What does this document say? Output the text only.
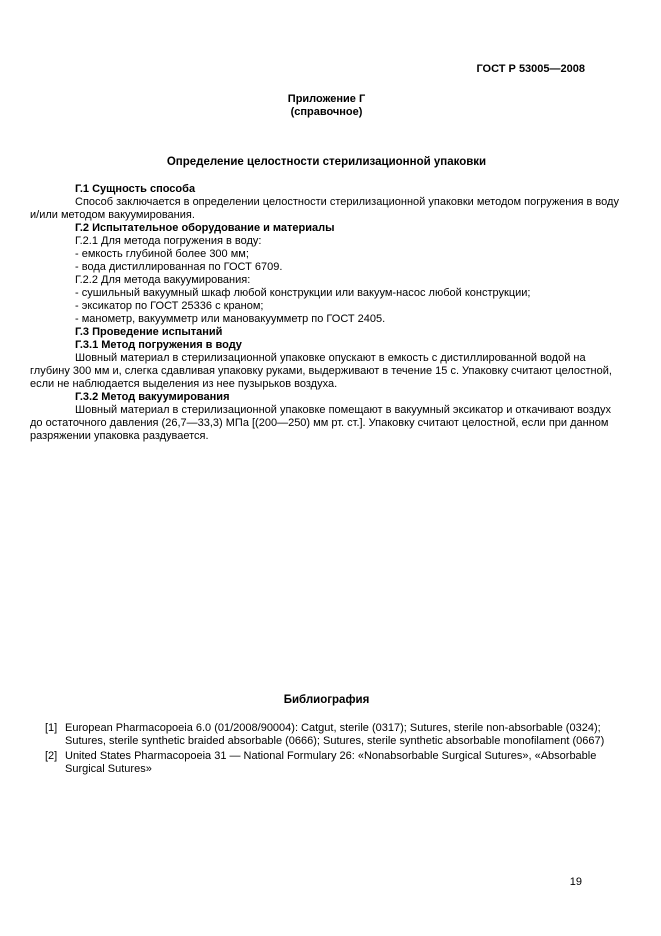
ГОСТ Р 53005—2008
Приложение Г
(справочное)
Определение целостности стерилизационной упаковки

Г.1 Сущность способа

Способ заключается в определении целостности стерилизационной упаковки методом погружения в воду и/или методом вакуумирования.

Г.2 Испытательное оборудование и материалы

Г.2.1 Для метода погружения в воду:

- емкость глубиной более 300 мм;

- вода дистиллированная по ГОСТ 6709.

Г.2.2 Для метода вакуумирования:

- сушильный вакуумный шкаф любой конструкции или вакуум-насос любой конструкции;

- эксикатор по ГОСТ 25336 с краном;

- манометр, вакуумметр или мановакуумметр по ГОСТ 2405.

Г.3 Проведение испытаний

Г.3.1 Метод погружения в воду

Шовный материал в стерилизационной упаковке опускают в емкость с дистиллированной водой на глубину 300 мм и, слегка сдавливая упаковку руками, выдерживают в течение 15 с. Упаковку считают целостной, если не наблюдается выделения из нее пузырьков воздуха.

Г.3.2 Метод вакуумирования

Шовный материал в стерилизационной упаковке помещают в вакуумный эксикатор и откачивают воздух до остаточного давления (26,7—33,3) МПа [(200—250) мм рт. ст.]. Упаковку считают целостной, если при данном разряжении упаковка раздувается.

Библиография
[1] European Pharmacopoeia 6.0 (01/2008/90004): Catgut, sterile (0317); Sutures, sterile non-absorbable (0324); Sutures, sterile synthetic braided absorbable (0666); Sutures, sterile synthetic absorbable monofilament (0667)
[2] United States Pharmacopoeia 31 — National Formulary 26: «Nonabsorbable Surgical Sutures», «Absorbable Surgical Sutures»
19
